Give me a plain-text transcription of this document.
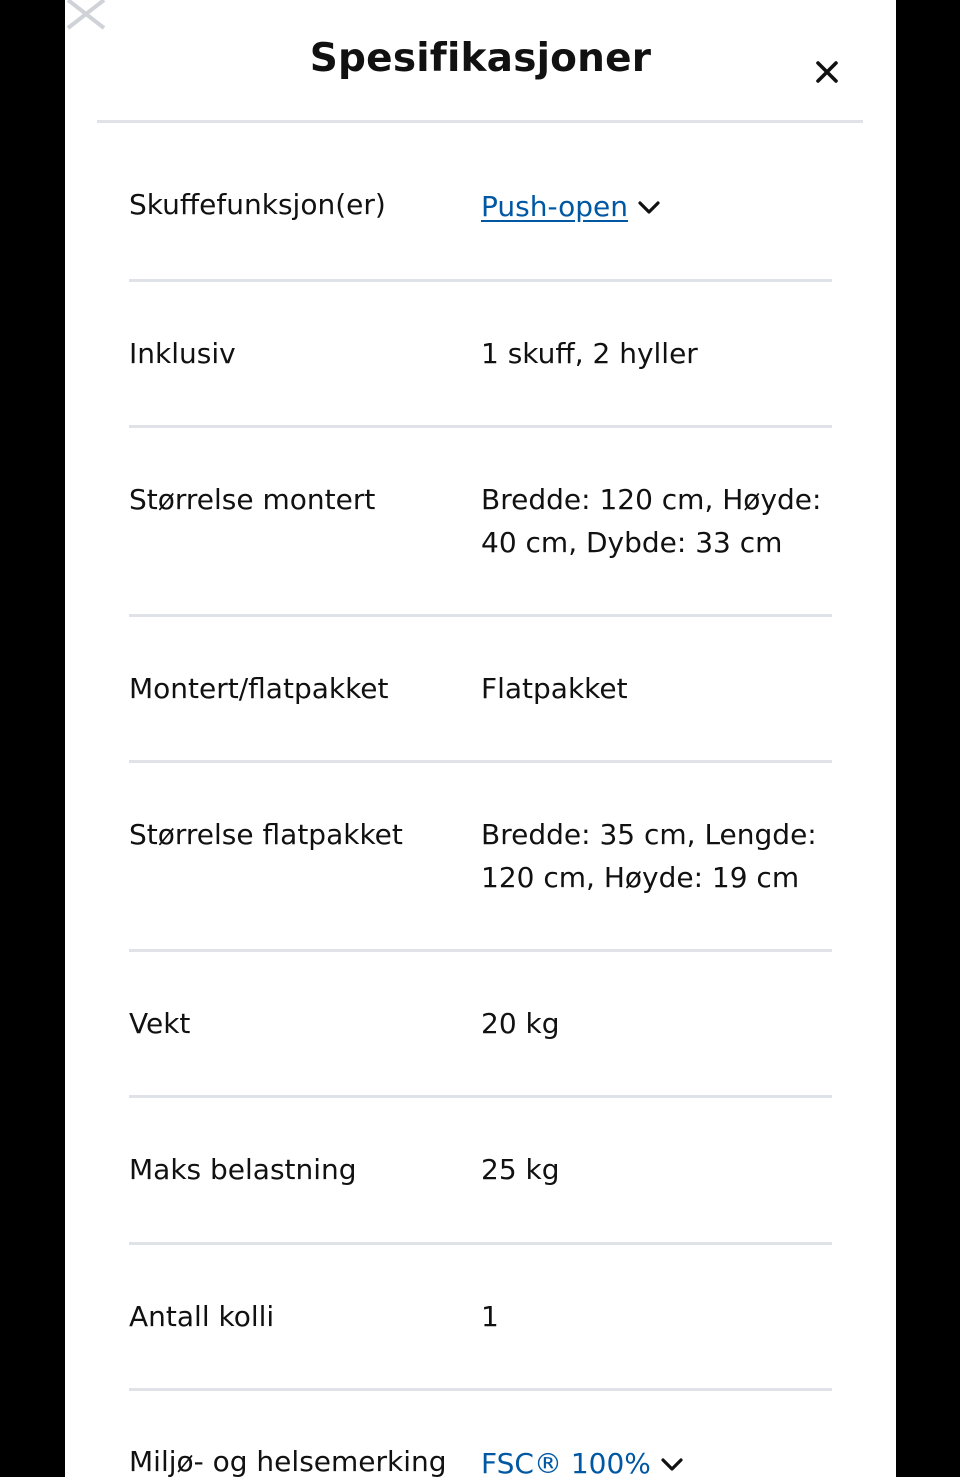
Spesifikasjoner
Skuffefunksjon(er)	Push-open
Inklusiv	1 skuff, 2 hyller
Størrelse montert	Bredde: 120 cm, Høyde:
40 cm, Dybde: 33 cm
Montert/flatpakket	Flatpakket
Størrelse flatpakket	Bredde: 35 cm, Lengde:
120 cm, Høyde: 19 cm
Vekt	20 kg
Maks belastning	25 kg
Antall kolli	1
Miljø- og helsemerking FSC® 100%
